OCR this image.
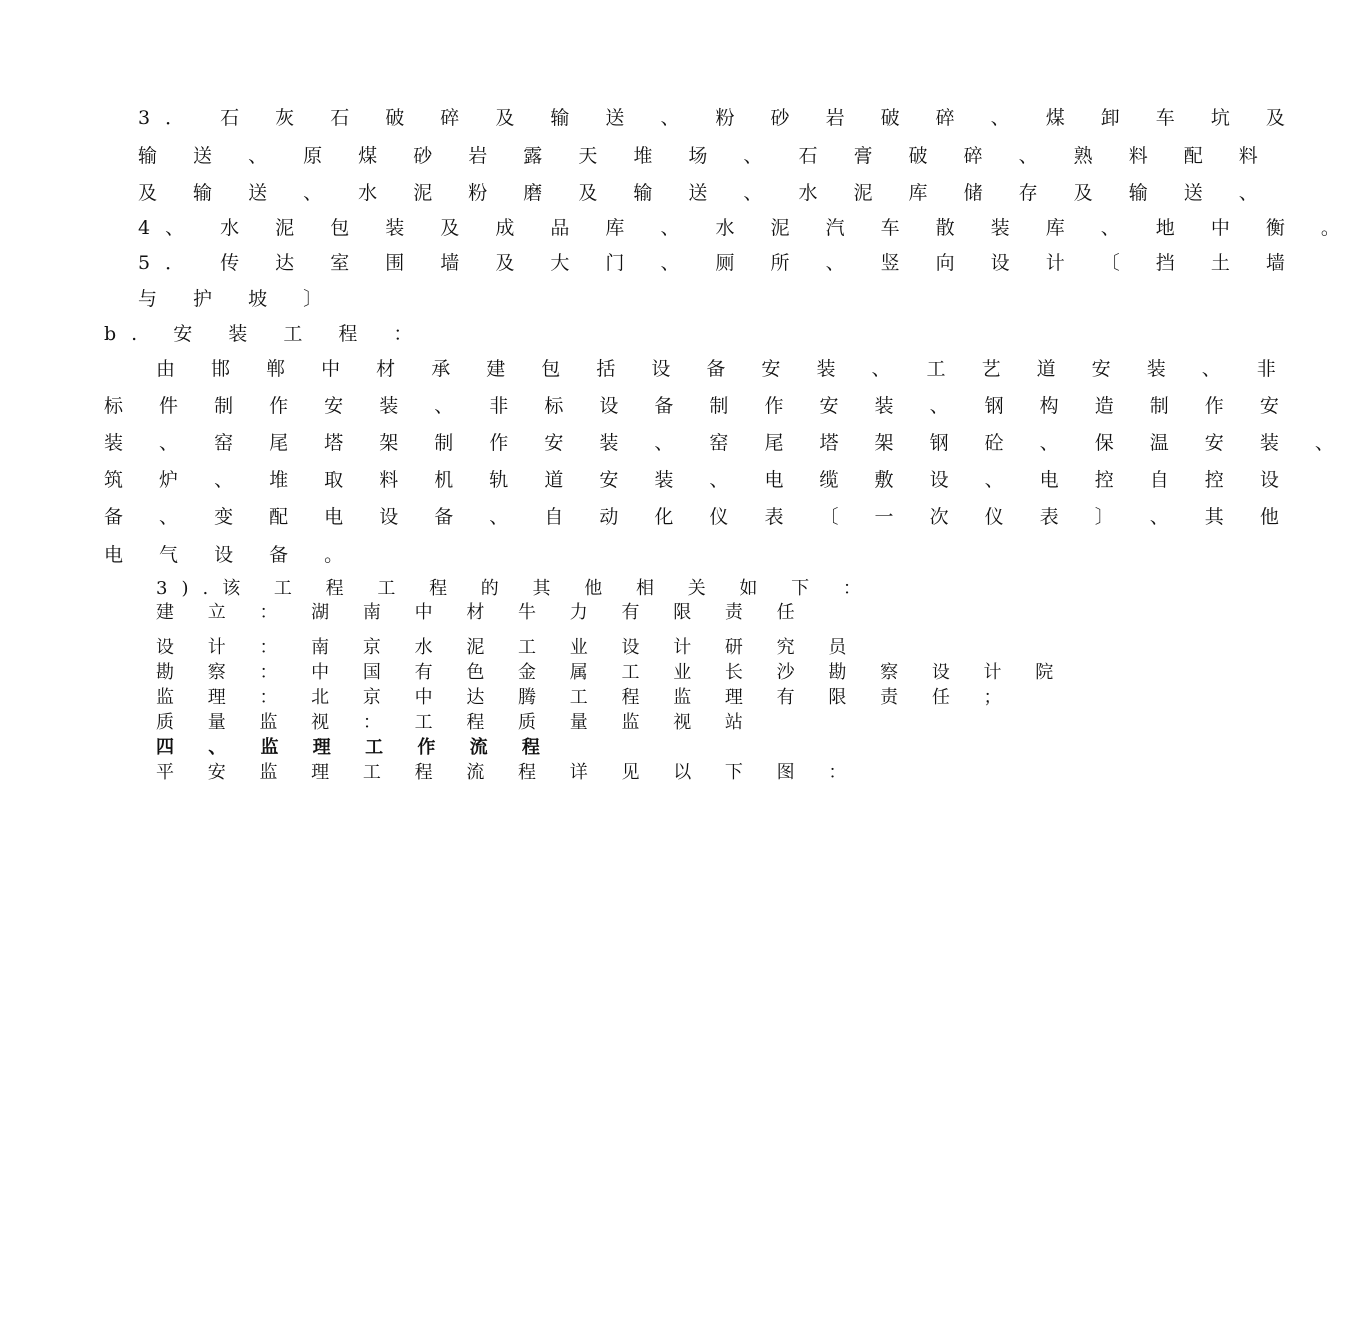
3． 石 灰 石 破 碎 及 输 送 、 粉 砂 岩 破 碎 、 煤 卸 车 坑 及
输 送 、 原 煤 砂 岩 露 天 堆 场 、 石 膏 破 碎 、 熟 料 配 料
及 输 送 、 水 泥 粉 磨 及 输 送 、 水 泥 库 储 存 及 输 送 、
4、 水 泥 包 装 及 成 品 库 、 水 泥 汽 车 散 装 库 、 地 中 衡 。
5． 传 达 室 围 墙 及 大 门 、 厕 所 、 竖 向 设 计 〔 挡 土 墙
与 护 坡 〕
b. 安 装 工 程 ：
由 邯 郸 中 材 承 建 包 括 设 备 安 装 、 工 艺 道 安 装 、 非
标 件 制 作 安 装 、 非 标 设 备 制 作 安 装 、 钢 构 造 制 作 安
装 、 窑 尾 塔 架 制 作 安 装 、 窑 尾 塔 架 钢 砼 、 保 温 安 装 、
筑 炉 、 堆 取 料 机 轨 道 安 装 、 电 缆 敷 设 、 电 控 自 控 设
备 、 变 配 电 设 备 、 自 动 化 仪 表 〔 一 次 仪 表 〕 、 其 他
电 气 设 备 。
3).该 工 程 工 程 的 其 他 相 关 如 下 ：
建 立 ： 湖 南 中 材 牛 力 有 限 责 任
设 计 ： 南 京 水 泥 工 业 设 计 研 究 员
勘 察 ： 中 国 有 色 金 属 工 业 长 沙 勘 察 设 计 院
监 理 ： 北 京 中 达 腾 工 程 监 理 有 限 责 任 ；
质 量 监 视 ： 工 程 质 量 监 视 站
四 、 监 理 工 作 流 程
平 安 监 理 工 程 流 程 详 见 以 下 图 ：
